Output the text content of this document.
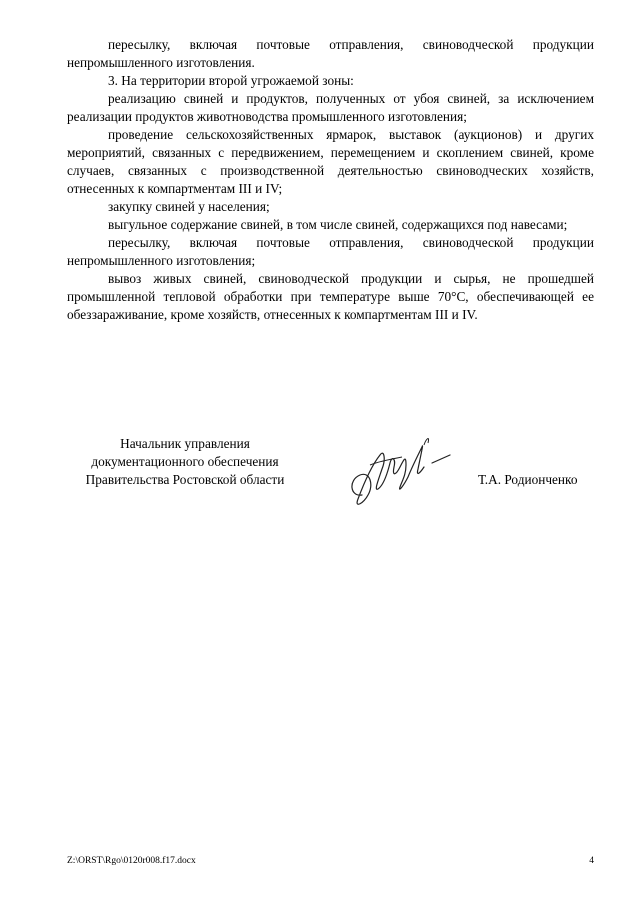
пересылку, включая почтовые отправления, свиноводческой продукции непромышленного изготовления.

3. На территории второй угрожаемой зоны:

реализацию свиней и продуктов, полученных от убоя свиней, за исключением реализации продуктов животноводства промышленного изготовления;

проведение сельскохозяйственных ярмарок, выставок (аукционов) и других мероприятий, связанных с передвижением, перемещением и скоплением свиней, кроме случаев, связанных с производственной деятельностью свиноводческих хозяйств, отнесенных к компартментам III и IV;

закупку свиней у населения;

выгульное содержание свиней, в том числе свиней, содержащихся под навесами;

пересылку, включая почтовые отправления, свиноводческой продукции непромышленного изготовления;

вывоз живых свиней, свиноводческой продукции и сырья, не прошедшей промышленной тепловой обработки при температуре выше 70°С, обеспечивающей ее обеззараживание, кроме хозяйств, отнесенных к компартментам III и IV.

Начальник управления
документационного обеспечения
Правительства Ростовской области	Т.А. Родионченко
Z:\ORST\Rgo\0120r008.f17.docx	4
